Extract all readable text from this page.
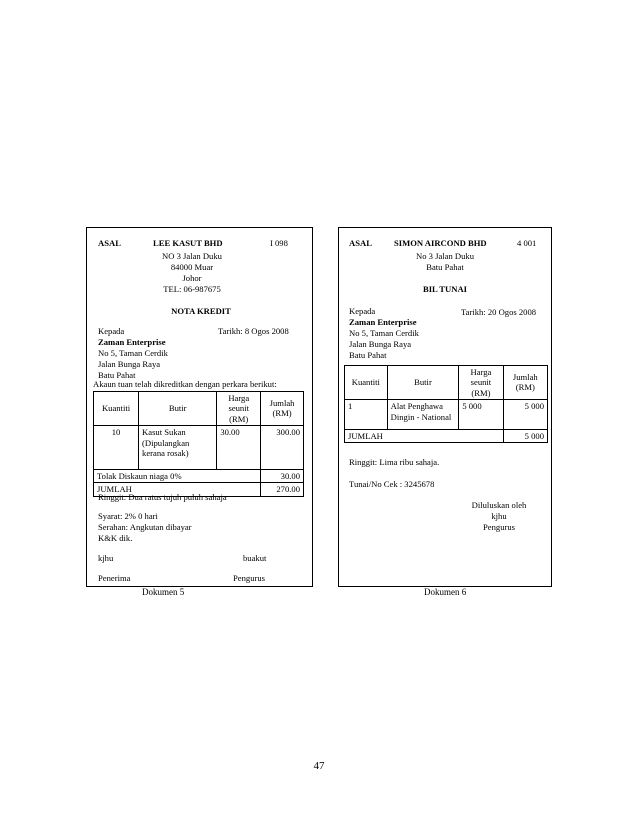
ASAL	LEE KASUT BHD	I 098
NO 3 Jalan Duku
84000 Muar
Johor
TEL: 06-987675
NOTA KREDIT
Kepada	Tarikh: 8 Ogos 2008
Zaman Enterprise
No 5, Taman Cerdik
Jalan Bunga Raya
Batu Pahat
Akaun tuan telah dikreditkan dengan perkara berikut:
Kuantiti	Butir	Harga seunit (RM)	Jumlah (RM)
10	Kasut Sukan (Dipulangkan kerana rosak)	30.00	300.00
Tolak Diskaun niaga 0%			30.00
JUMLAH			270.00
Ringgit: Dua ratus tujuh puluh sahaja
Syarat: 2% 0 hari
Serahan: Angkutan dibayar
K&K dik.
kjhu	buakut
Penerima	Pengurus
Dokumen 5
ASAL	SIMON AIRCOND BHD	4 001
No 3 Jalan Duku
Batu Pahat
BIL TUNAI
Kepada	Tarikh: 20 Ogos 2008
Zaman Enterprise
No 5, Taman Cerdik
Jalan Bunga Raya
Batu Pahat
Kuantiti	Butir	Harga seunit (RM)	Jumlah (RM)
1	Alat Penghawa Dingin - National	5 000	5 000
JUMLAH			5 000
Ringgit: Lima ribu sahaja.
Tunai/No Cek : 3245678
Diluluskan oleh
kjhu
Pengurus
Dokumen 6
47
